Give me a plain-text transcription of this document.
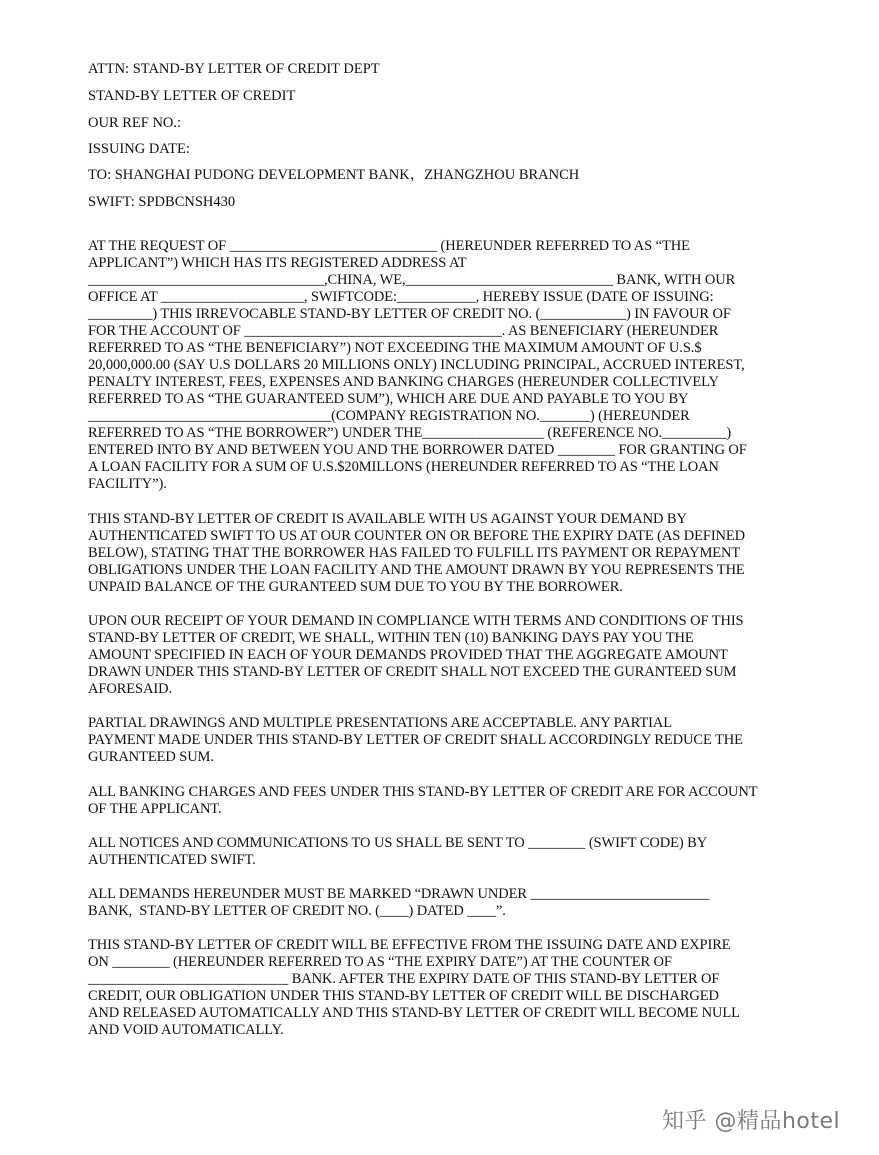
ATTN: STAND-BY LETTER OF CREDIT DEPT
STAND-BY LETTER OF CREDIT
OUR REF NO.:
ISSUING DATE:
TO: SHANGHAI PUDONG DEVELOPMENT BANK，ZHANGZHOU BRANCH
SWIFT: SPDBCNSH430
AT THE REQUEST OF _____________________________ (HEREUNDER REFERRED TO AS “THE
APPLICANT”) WHICH HAS ITS REGISTERED ADDRESS AT
_________________________________,CHINA, WE,_____________________________ BANK, WITH OUR
OFFICE AT ____________________, SWIFTCODE:___________, HEREBY ISSUE (DATE OF ISSUING:
_________) THIS IRREVOCABLE STAND-BY LETTER OF CREDIT NO. (____________) IN FAVOUR OF
FOR THE ACCOUNT OF ____________________________________. AS BENEFICIARY (HEREUNDER
REFERRED TO AS “THE BENEFICIARY”) NOT EXCEEDING THE MAXIMUM AMOUNT OF U.S.$
20,000,000.00 (SAY U.S DOLLARS 20 MILLIONS ONLY) INCLUDING PRINCIPAL, ACCRUED INTEREST,
PENALTY INTEREST, FEES, EXPENSES AND BANKING CHARGES (HEREUNDER COLLECTIVELY
REFERRED TO AS “THE GUARANTEED SUM”), WHICH ARE DUE AND PAYABLE TO YOU BY
__________________________________(COMPANY REGISTRATION NO._______) (HEREUNDER
REFERRED TO AS “THE BORROWER”) UNDER THE_________________ (REFERENCE NO._________)
ENTERED INTO BY AND BETWEEN YOU AND THE BORROWER DATED ________ FOR GRANTING OF
A LOAN FACILITY FOR A SUM OF U.S.$20MILLONS (HEREUNDER REFERRED TO AS “THE LOAN
FACILITY”).
THIS STAND-BY LETTER OF CREDIT IS AVAILABLE WITH US AGAINST YOUR DEMAND BY
AUTHENTICATED SWIFT TO US AT OUR COUNTER ON OR BEFORE THE EXPIRY DATE (AS DEFINED
BELOW), STATING THAT THE BORROWER HAS FAILED TO FULFILL ITS PAYMENT OR REPAYMENT
OBLIGATIONS UNDER THE LOAN FACILITY AND THE AMOUNT DRAWN BY YOU REPRESENTS THE
UNPAID BALANCE OF THE GURANTEED SUM DUE TO YOU BY THE BORROWER.
UPON OUR RECEIPT OF YOUR DEMAND IN COMPLIANCE WITH TERMS AND CONDITIONS OF THIS
STAND-BY LETTER OF CREDIT, WE SHALL, WITHIN TEN (10) BANKING DAYS PAY YOU THE
AMOUNT SPECIFIED IN EACH OF YOUR DEMANDS PROVIDED THAT THE AGGREGATE AMOUNT
DRAWN UNDER THIS STAND-BY LETTER OF CREDIT SHALL NOT EXCEED THE GURANTEED SUM
AFORESAID.
PARTIAL DRAWINGS AND MULTIPLE PRESENTATIONS ARE ACCEPTABLE. ANY PARTIAL
PAYMENT MADE UNDER THIS STAND-BY LETTER OF CREDIT SHALL ACCORDINGLY REDUCE THE
GURANTEED SUM.
ALL BANKING CHARGES AND FEES UNDER THIS STAND-BY LETTER OF CREDIT ARE FOR ACCOUNT
OF THE APPLICANT.
ALL NOTICES AND COMMUNICATIONS TO US SHALL BE SENT TO ________ (SWIFT CODE) BY
AUTHENTICATED SWIFT.
ALL DEMANDS HEREUNDER MUST BE MARKED “DRAWN UNDER _________________________
BANK,  STAND-BY LETTER OF CREDIT NO. (____) DATED ____”.
THIS STAND-BY LETTER OF CREDIT WILL BE EFFECTIVE FROM THE ISSUING DATE AND EXPIRE
ON ________ (HEREUNDER REFERRED TO AS “THE EXPIRY DATE”) AT THE COUNTER OF
____________________________ BANK. AFTER THE EXPIRY DATE OF THIS STAND-BY LETTER OF
CREDIT, OUR OBLIGATION UNDER THIS STAND-BY LETTER OF CREDIT WILL BE DISCHARGED
AND RELEASED AUTOMATICALLY AND THIS STAND-BY LETTER OF CREDIT WILL BECOME NULL
AND VOID AUTOMATICALLY.
知乎 @精品hotel
